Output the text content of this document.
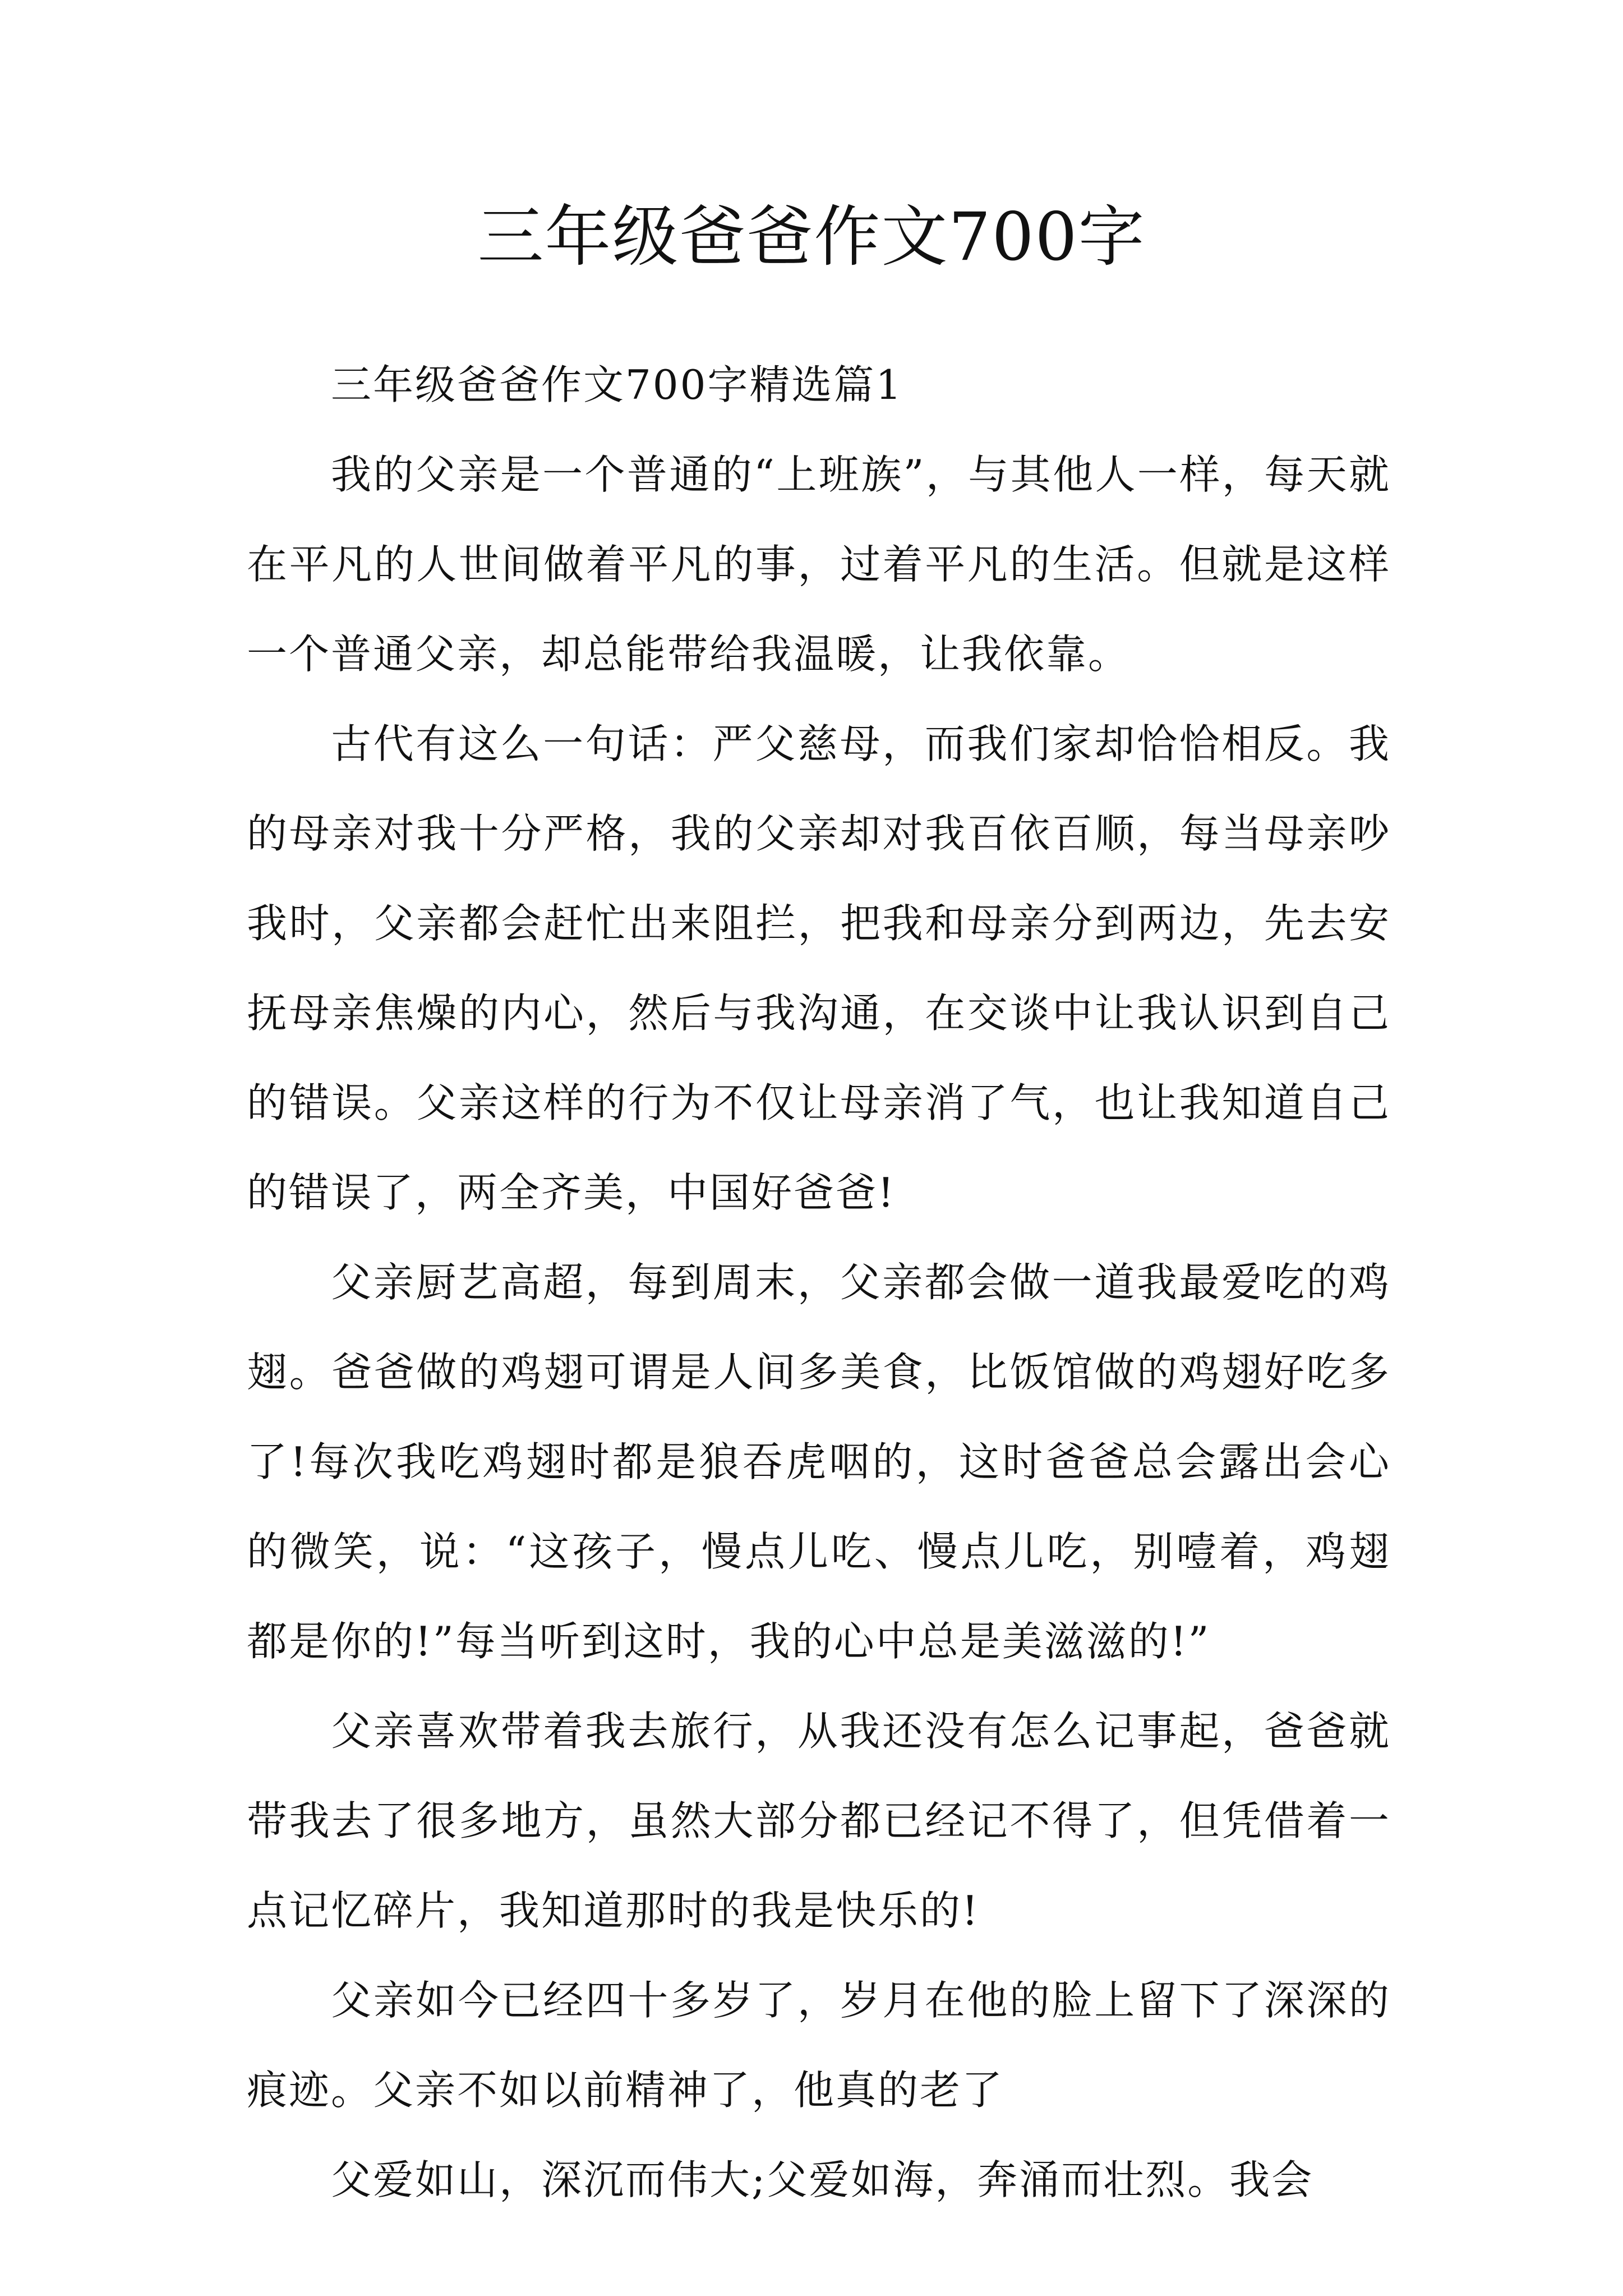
三年级爸爸作文700字

三年级爸爸作文700字精选篇1

我的父亲是一个普通的“上班族”，与其他人一样，每天就在平凡的人世间做着平凡的事，过着平凡的生活。但就是这样一个普通父亲，却总能带给我温暖，让我依靠。

古代有这么一句话：严父慈母，而我们家却恰恰相反。我的母亲对我十分严格，我的父亲却对我百依百顺，每当母亲吵我时，父亲都会赶忙出来阻拦，把我和母亲分到两边，先去安抚母亲焦燥的内心，然后与我沟通，在交谈中让我认识到自己的错误。父亲这样的行为不仅让母亲消了气，也让我知道自己的错误了，两全齐美，中国好爸爸!

父亲厨艺高超，每到周末，父亲都会做一道我最爱吃的鸡翅。爸爸做的鸡翅可谓是人间多美食，比饭馆做的鸡翅好吃多了!每次我吃鸡翅时都是狼吞虎咽的，这时爸爸总会露出会心的微笑，说：“这孩子，慢点儿吃、慢点儿吃，别噎着，鸡翅都是你的!”每当听到这时，我的心中总是美滋滋的!”

父亲喜欢带着我去旅行，从我还没有怎么记事起，爸爸就带我去了很多地方，虽然大部分都已经记不得了，但凭借着一点记忆碎片，我知道那时的我是快乐的!

父亲如今已经四十多岁了，岁月在他的脸上留下了深深的痕迹。父亲不如以前精神了，他真的老了

父爱如山，深沉而伟大;父爱如海，奔涌而壮烈。我会
